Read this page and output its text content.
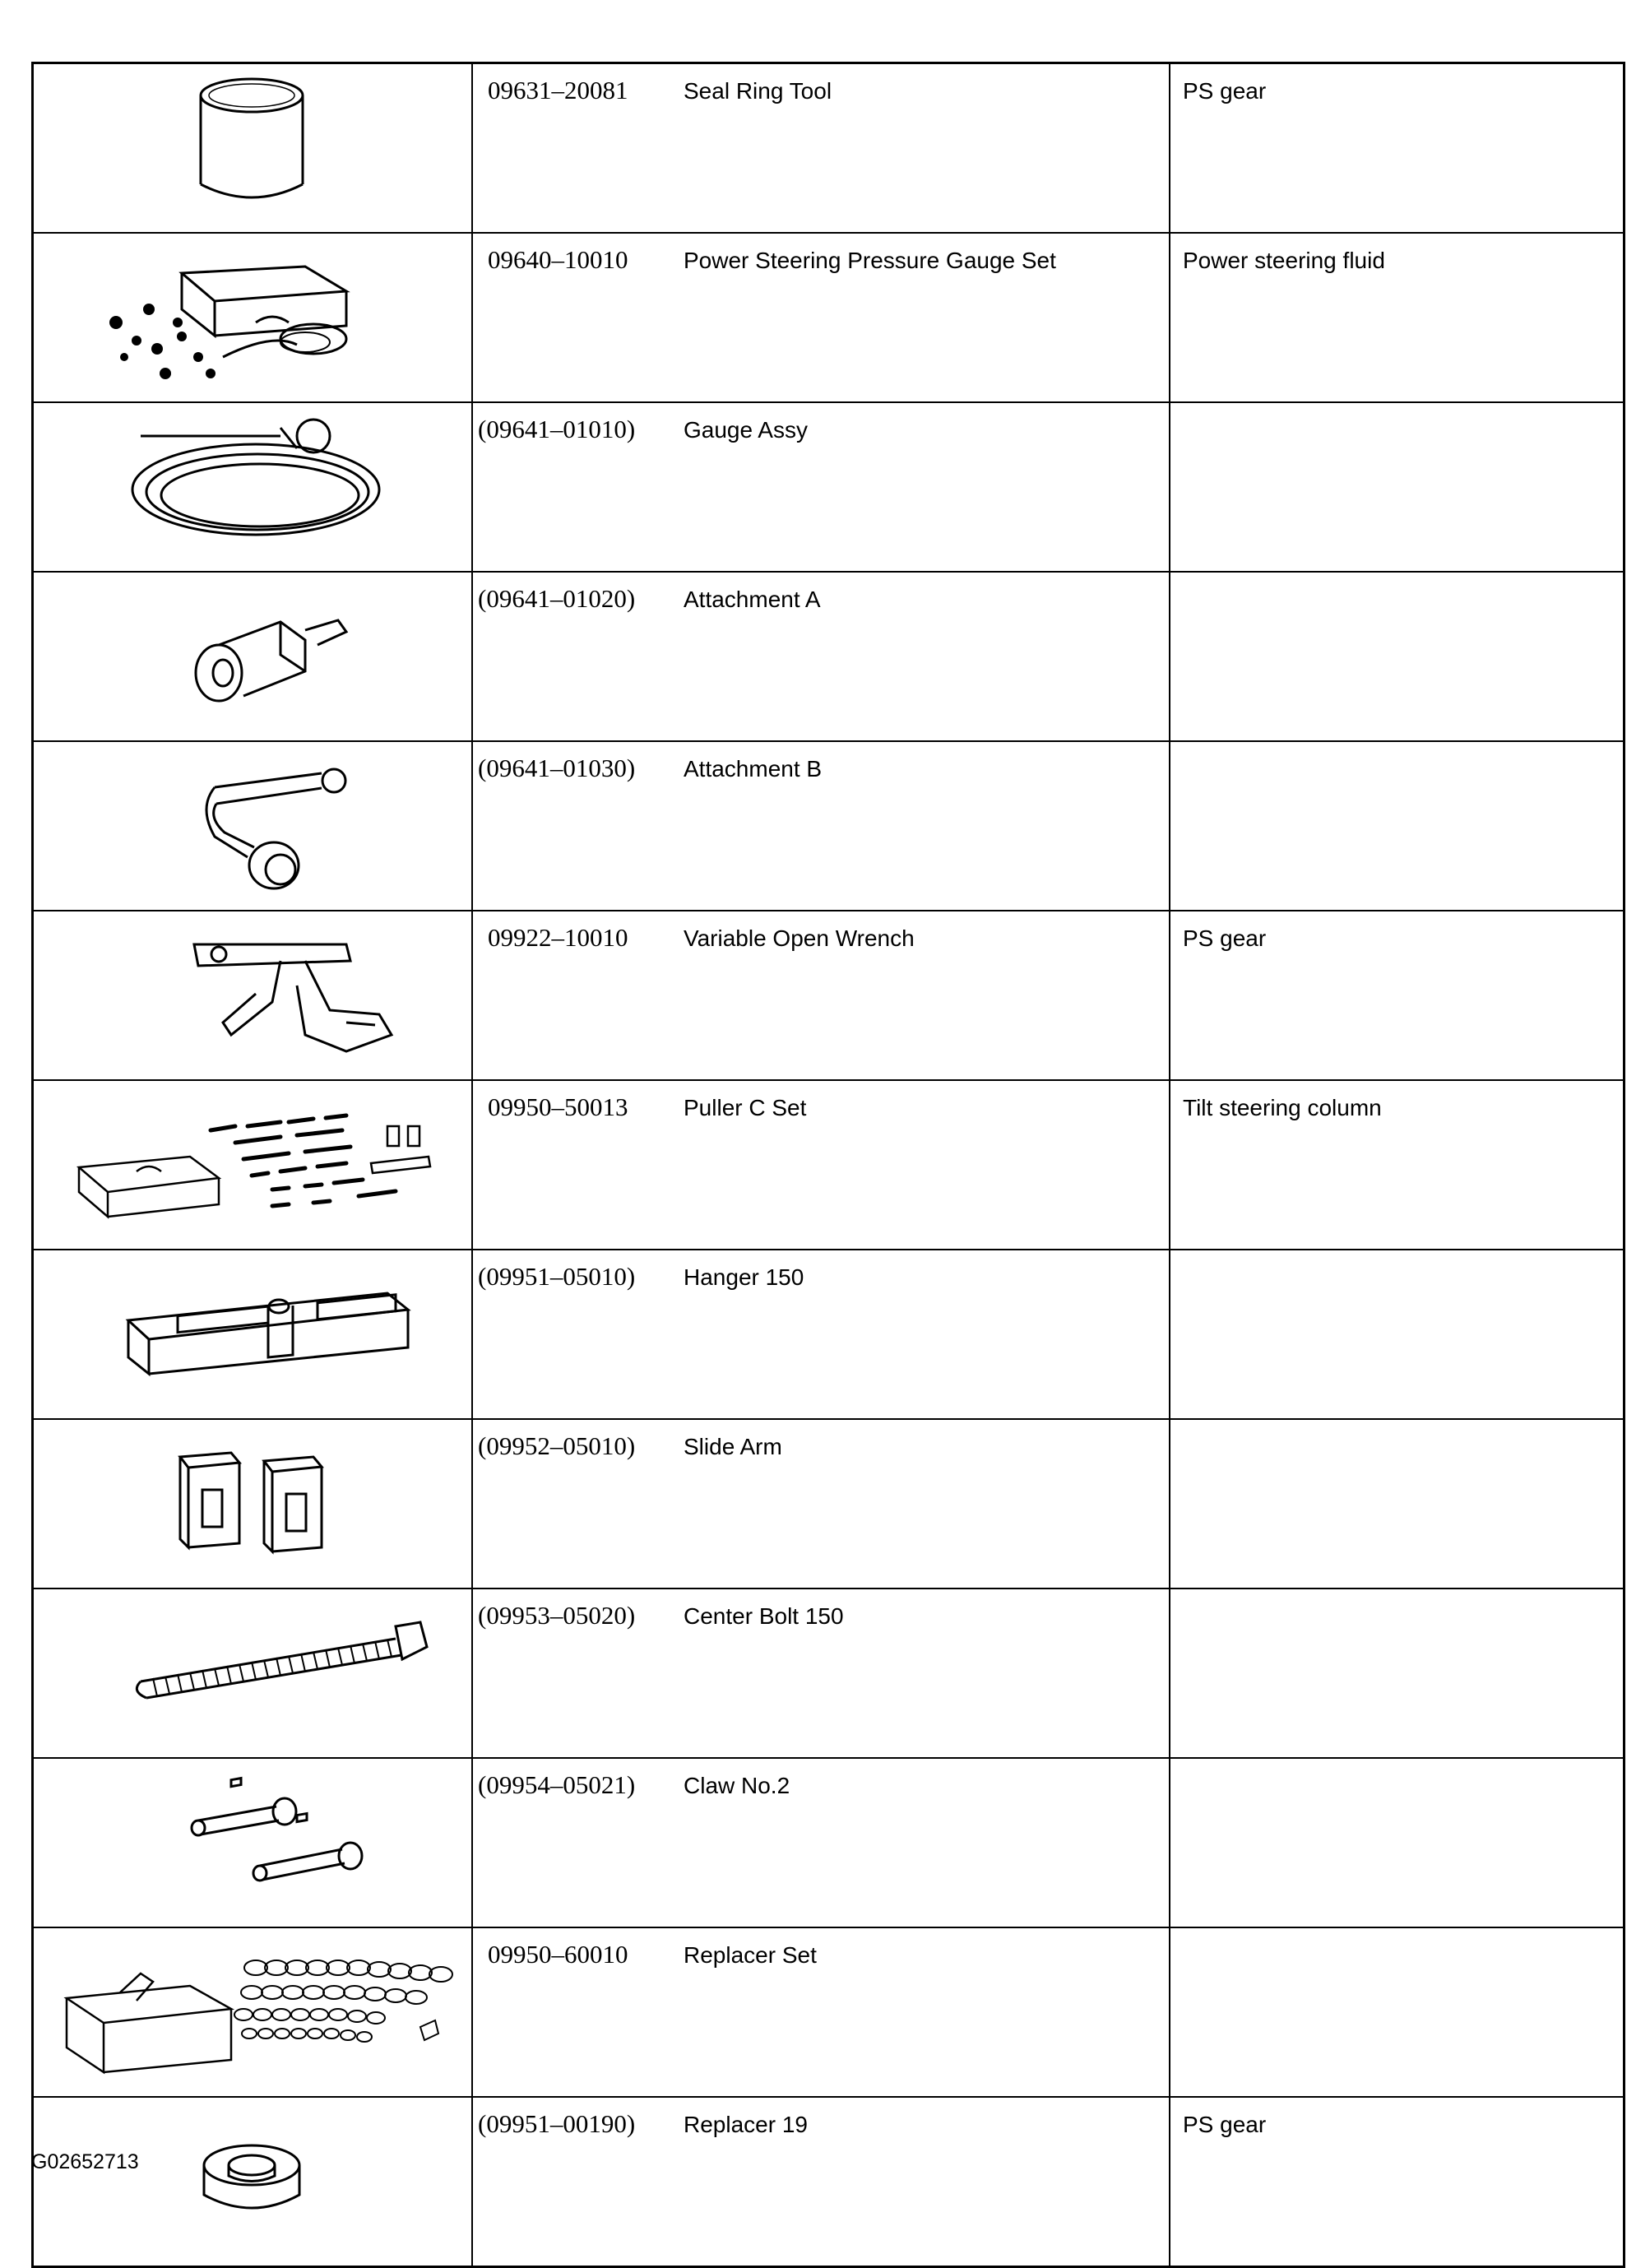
	09631–20081	Seal Ring Tool	PS gear

	09640–10010	Power Steering Pressure Gauge Set	Power steering fluid

	(09641–01010)	Gauge Assy	

	(09641–01020)	Attachment A	

	(09641–01030)	Attachment B	

	09922–10010	Variable Open Wrench	PS gear

	09950–50013	Puller C Set	Tilt steering column

	(09951–05010)	Hanger 150	

	(09952–05010)	Slide Arm	

	(09953–05020)	Center Bolt 150	

	(09954–05021)	Claw No.2	

	09950–60010	Replacer Set	

	(09951–00190)	Replacer 19	PS gear
G02652713
